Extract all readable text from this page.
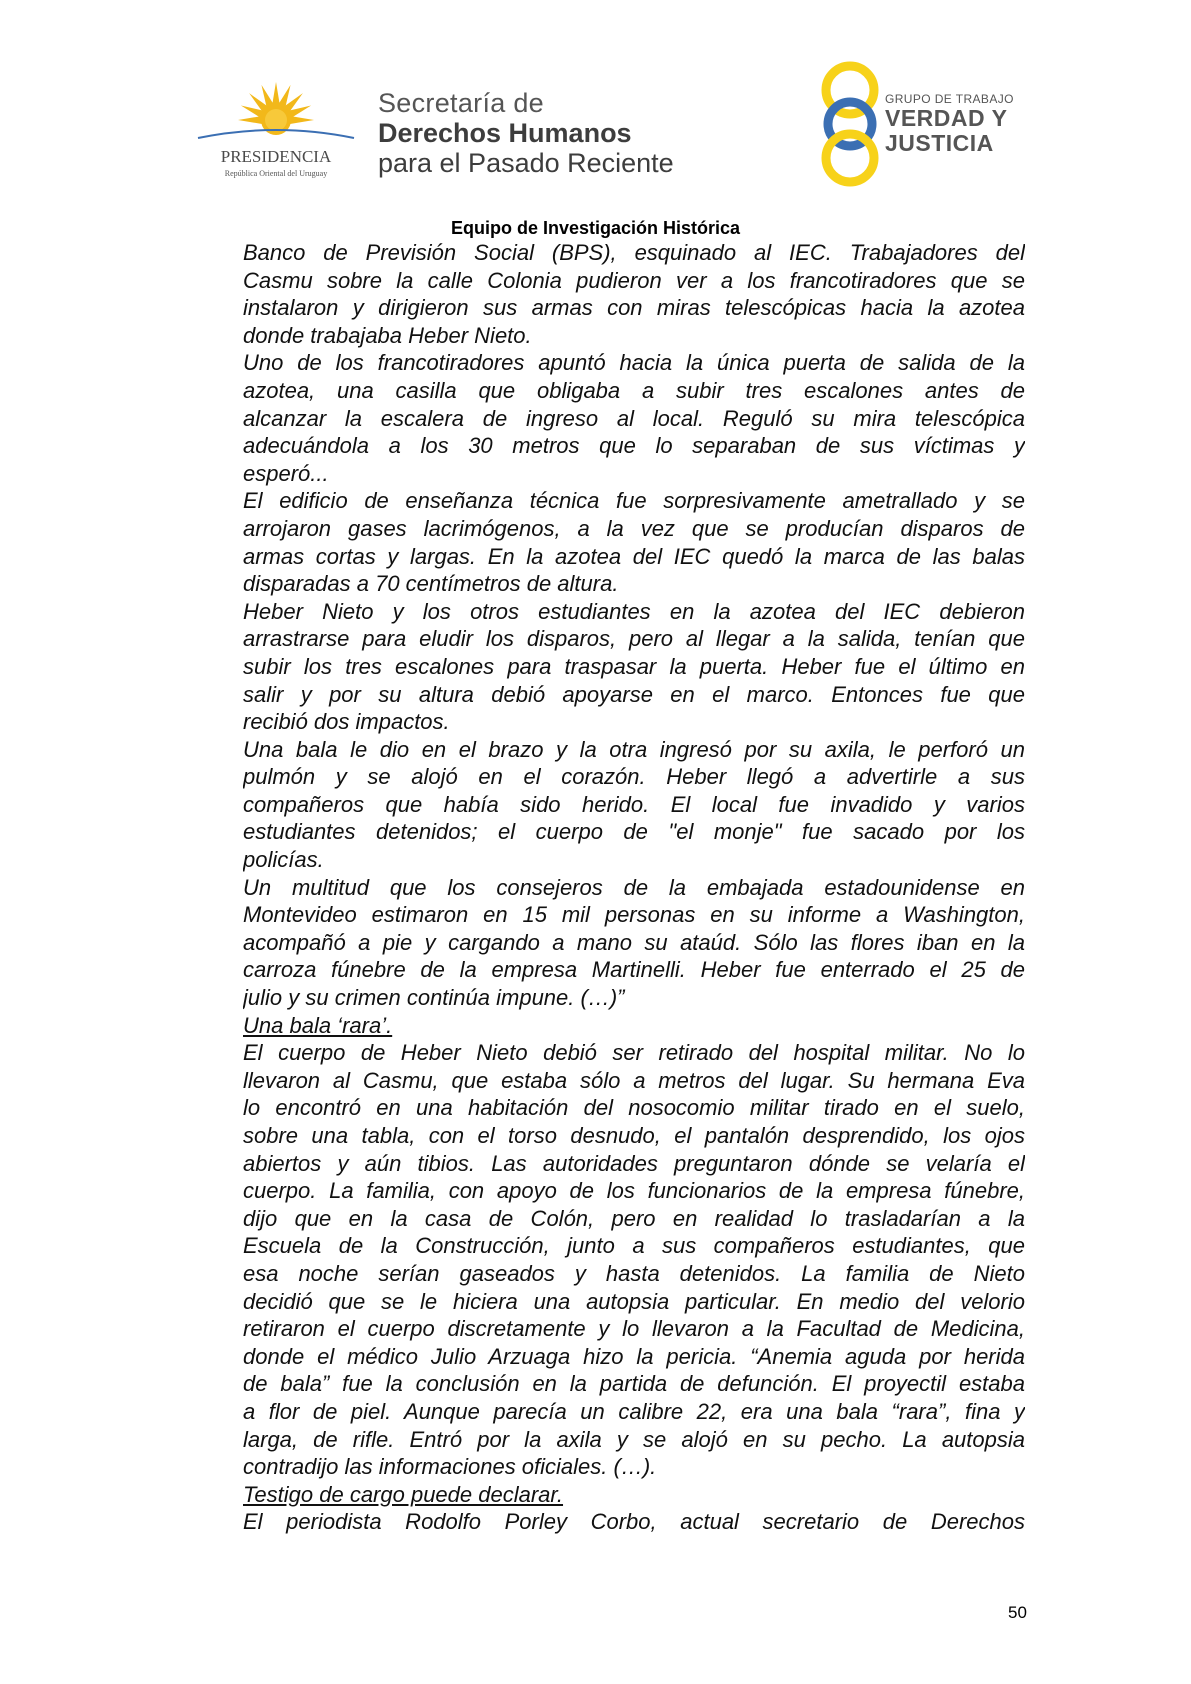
PRESIDENCIA
República Oriental del Uruguay
Secretaría de
Derechos Humanos
para el Pasado Reciente
GRUPO DE TRABAJO
VERDAD Y
JUSTICIA
Equipo de Investigación Histórica
Banco de Previsión Social (BPS), esquinado al IEC. Trabajadores del
Casmu sobre la calle Colonia pudieron ver a los francotiradores que se
instalaron y dirigieron sus armas con miras telescópicas hacia la azotea
donde trabajaba Heber Nieto.
Uno de los francotiradores apuntó hacia la única puerta de salida de la
azotea, una casilla que obligaba a subir tres escalones antes de
alcanzar la escalera de ingreso al local. Reguló su mira telescópica
adecuándola a los 30 metros que lo separaban de sus víctimas y
esperó...
El edificio de enseñanza técnica fue sorpresivamente ametrallado y se
arrojaron gases lacrimógenos, a la vez que se producían disparos de
armas cortas y largas. En la azotea del IEC quedó la marca de las balas
disparadas a 70 centímetros de altura.
Heber Nieto y los otros estudiantes en la azotea del IEC debieron
arrastrarse para eludir los disparos, pero al llegar a la salida, tenían que
subir los tres escalones para traspasar la puerta. Heber fue el último en
salir y por su altura debió apoyarse en el marco. Entonces fue que
recibió dos impactos.
Una bala le dio en el brazo y la otra ingresó por su axila, le perforó un
pulmón y se alojó en el corazón. Heber llegó a advertirle a sus
compañeros que había sido herido. El local fue invadido y varios
estudiantes detenidos; el cuerpo de "el monje" fue sacado por los
policías.
Un multitud que los consejeros de la embajada estadounidense en
Montevideo estimaron en 15 mil personas en su informe a Washington,
acompañó a pie y cargando a mano su ataúd. Sólo las flores iban en la
carroza fúnebre de la empresa Martinelli. Heber fue enterrado el 25 de
julio y su crimen continúa impune. (…)”
Una bala ‘rara’.
El cuerpo de Heber Nieto debió ser retirado del hospital militar. No lo
llevaron al Casmu, que estaba sólo a metros del lugar. Su hermana Eva
lo encontró en una habitación del nosocomio militar tirado en el suelo,
sobre una tabla, con el torso desnudo, el pantalón desprendido, los ojos
abiertos y aún tibios. Las autoridades preguntaron dónde se velaría el
cuerpo. La familia, con apoyo de los funcionarios de la empresa fúnebre,
dijo que en la casa de Colón, pero en realidad lo trasladarían a la
Escuela de la Construcción, junto a sus compañeros estudiantes, que
esa noche serían gaseados y hasta detenidos. La familia de Nieto
decidió que se le hiciera una autopsia particular. En medio del velorio
retiraron el cuerpo discretamente y lo llevaron a la Facultad de Medicina,
donde el médico Julio Arzuaga hizo la pericia. “Anemia aguda por herida
de bala” fue la conclusión en la partida de defunción. El proyectil estaba
a flor de piel. Aunque parecía un calibre 22, era una bala “rara”, fina y
larga, de rifle. Entró por la axila y se alojó en su pecho. La autopsia
contradijo las informaciones oficiales. (…).
Testigo de cargo puede declarar.
El periodista Rodolfo Porley Corbo, actual secretario de Derechos
50
